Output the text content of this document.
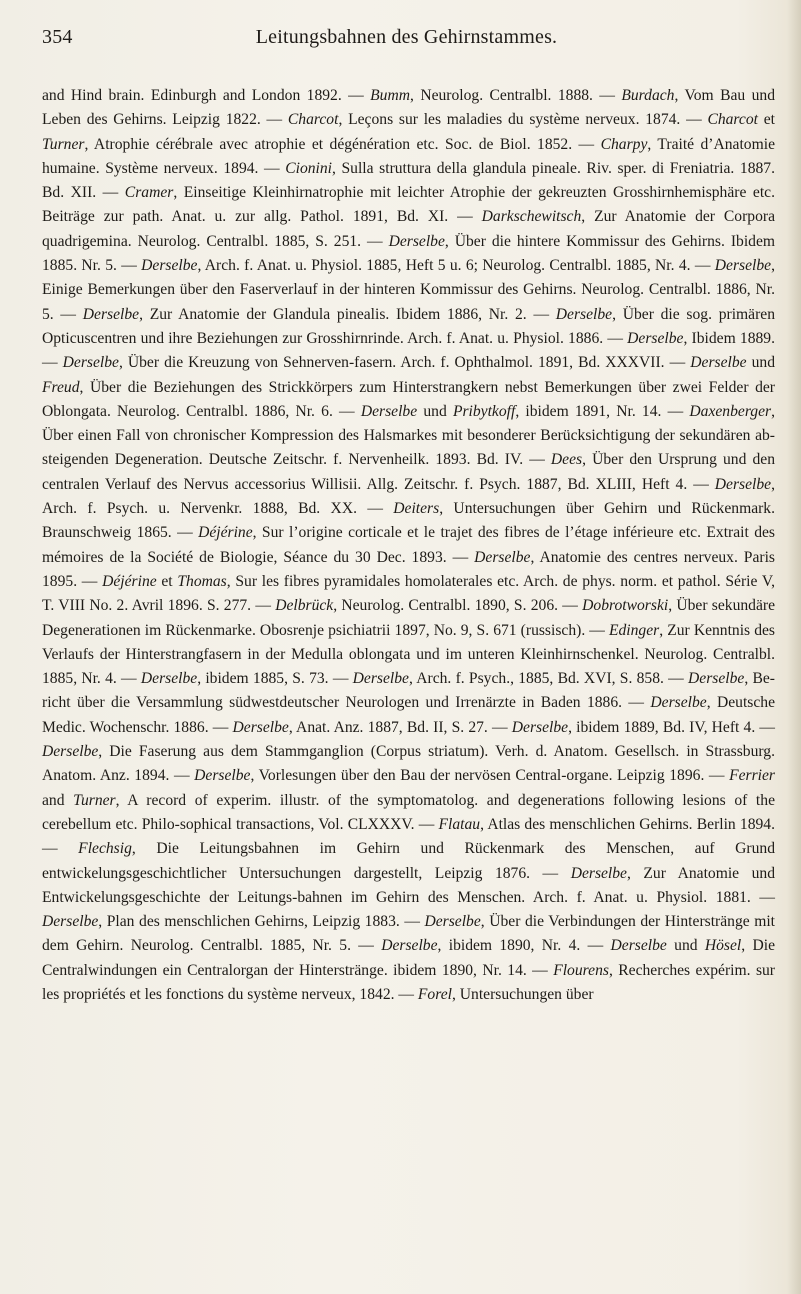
354	Leitungsbahnen des Gehirnstammes.
and Hind brain. Edinburgh and London 1892. — Bumm, Neurolog. Centralbl. 1888. — Burdach, Vom Bau und Leben des Gehirns. Leipzig 1822. — Charcot, Leçons sur les maladies du système nerveux. 1874. — Charcot et Turner, Atrophie cérébrale avec atrophie et dégénération etc. Soc. de Biol. 1852. — Charpy, Traité d’Anatomie humaine. Système nerveux. 1894. — Cionini, Sulla struttura della glandula pineale. Riv. sper. di Freniatria. 1887. Bd. XII. — Cramer, Einseitige Kleinhirnatrophie mit leichter Atrophie der gekreuzten Grosshirnhemisphäre etc. Beiträge zur path. Anat. u. zur allg. Pathol. 1891, Bd. XI. — Darkschewitsch, Zur Anatomie der Corpora quadrigemina. Neurolog. Centralbl. 1885, S. 251. — Derselbe, Über die hintere Kommissur des Gehirns. Ibidem 1885. Nr. 5. — Derselbe, Arch. f. Anat. u. Physiol. 1885, Heft 5 u. 6; Neurolog. Centralbl. 1885, Nr. 4. — Derselbe, Einige Bemerkungen über den Faserverlauf in der hinteren Kommissur des Gehirns. Neurolog. Centralbl. 1886, Nr. 5. — Derselbe, Zur Anatomie der Glandula pinealis. Ibidem 1886, Nr. 2. — Derselbe, Über die sog. primären Opticuscentren und ihre Beziehungen zur Grosshirnrinde. Arch. f. Anat. u. Physiol. 1886. — Derselbe, Ibidem 1889. — Derselbe, Über die Kreuzung von Sehnerven-fasern. Arch. f. Ophthalmol. 1891, Bd. XXXVII. — Derselbe und Freud, Über die Beziehungen des Strickkörpers zum Hinterstrangkern nebst Bemerkungen über zwei Felder der Oblongata. Neurolog. Centralbl. 1886, Nr. 6. — Derselbe und Pribytkoff, ibidem 1891, Nr. 14. — Daxenberger, Über einen Fall von chronischer Kompression des Halsmarkes mit besonderer Berücksichtigung der sekundären ab-steigenden Degeneration. Deutsche Zeitschr. f. Nervenheilk. 1893. Bd. IV. — Dees, Über den Ursprung und den centralen Verlauf des Nervus accessorius Willisii. Allg. Zeitschr. f. Psych. 1887, Bd. XLIII, Heft 4. — Derselbe, Arch. f. Psych. u. Nervenkr. 1888, Bd. XX. — Deiters, Untersuchungen über Gehirn und Rückenmark. Braunschweig 1865. — Déjérine, Sur l’origine corticale et le trajet des fibres de l’étage inférieure etc. Extrait des mémoires de la Société de Biologie, Séance du 30 Dec. 1893. — Derselbe, Anatomie des centres nerveux. Paris 1895. — Déjérine et Thomas, Sur les fibres pyramidales homolaterales etc. Arch. de phys. norm. et pathol. Série V, T. VIII No. 2. Avril 1896. S. 277. — Delbrück, Neurolog. Centralbl. 1890, S. 206. — Dobrotworski, Über sekundäre Degenerationen im Rückenmarke. Obosrenje psichiatrii 1897, No. 9, S. 671 (russisch). — Edinger, Zur Kenntnis des Verlaufs der Hinterstrangfasern in der Medulla oblongata und im unteren Kleinhirnschenkel. Neurolog. Centralbl. 1885, Nr. 4. — Derselbe, ibidem 1885, S. 73. — Derselbe, Arch. f. Psych., 1885, Bd. XVI, S. 858. — Derselbe, Be-richt über die Versammlung südwestdeutscher Neurologen und Irrenärzte in Baden 1886. — Derselbe, Deutsche Medic. Wochenschr. 1886. — Derselbe, Anat. Anz. 1887, Bd. II, S. 27. — Derselbe, ibidem 1889, Bd. IV, Heft 4. — Derselbe, Die Faserung aus dem Stammganglion (Corpus striatum). Verh. d. Anatom. Gesellsch. in Strassburg. Anatom. Anz. 1894. — Derselbe, Vorlesungen über den Bau der nervösen Central-organe. Leipzig 1896. — Ferrier and Turner, A record of experim. illustr. of the symptomatolog. and degenerations following lesions of the cerebellum etc. Philo-sophical transactions, Vol. CLXXXV. — Flatau, Atlas des menschlichen Gehirns. Berlin 1894. — Flechsig, Die Leitungsbahnen im Gehirn und Rückenmark des Menschen, auf Grund entwickelungsgeschichtlicher Untersuchungen dargestellt, Leipzig 1876. — Derselbe, Zur Anatomie und Entwickelungsgeschichte der Leitungs-bahnen im Gehirn des Menschen. Arch. f. Anat. u. Physiol. 1881. — Derselbe, Plan des menschlichen Gehirns, Leipzig 1883. — Derselbe, Über die Verbindungen der Hinterstränge mit dem Gehirn. Neurolog. Centralbl. 1885, Nr. 5. — Derselbe, ibidem 1890, Nr. 4. — Derselbe und Hösel, Die Centralwindungen ein Centralorgan der Hinterstränge. ibidem 1890, Nr. 14. — Flourens, Recherches expérim. sur les propriétés et les fonctions du système nerveux, 1842. — Forel, Untersuchungen über
